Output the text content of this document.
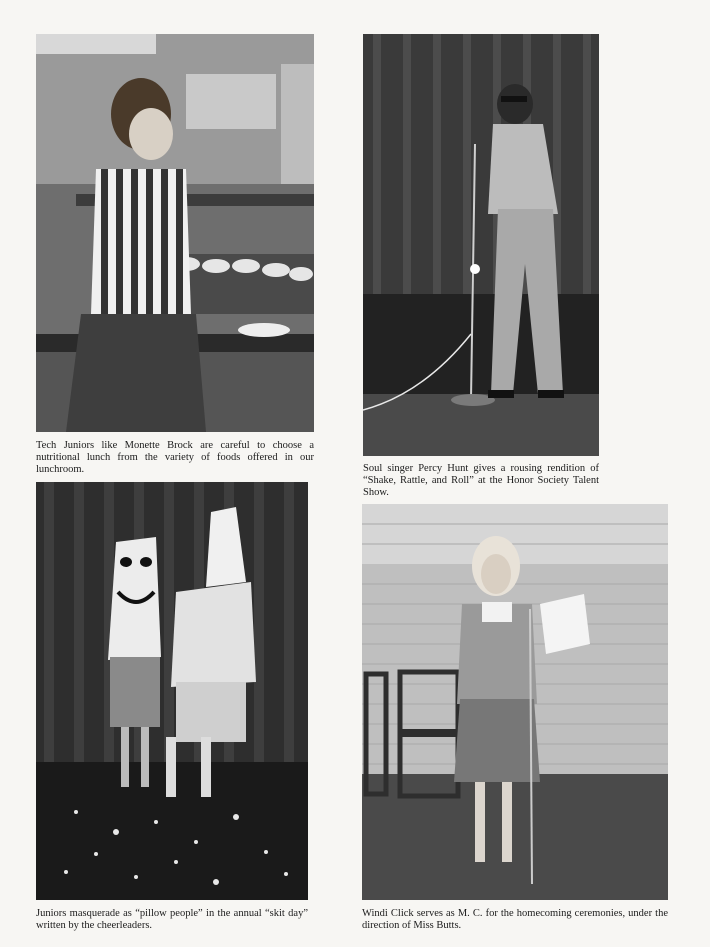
Tech Juniors like Monette Brock are careful to choose a nutritional lunch from the variety of foods offered in our lunchroom.	Soul singer Percy Hunt gives a rousing rendition of “Shake, Rattle, and Roll” at the Honor Society Talent Show.

Juniors masquerade as “pillow people” in the annual “skit day” written by the cheerleaders.

Windi Click serves as M. C. for the homecoming ceremonies, under the direction of Miss Butts.
